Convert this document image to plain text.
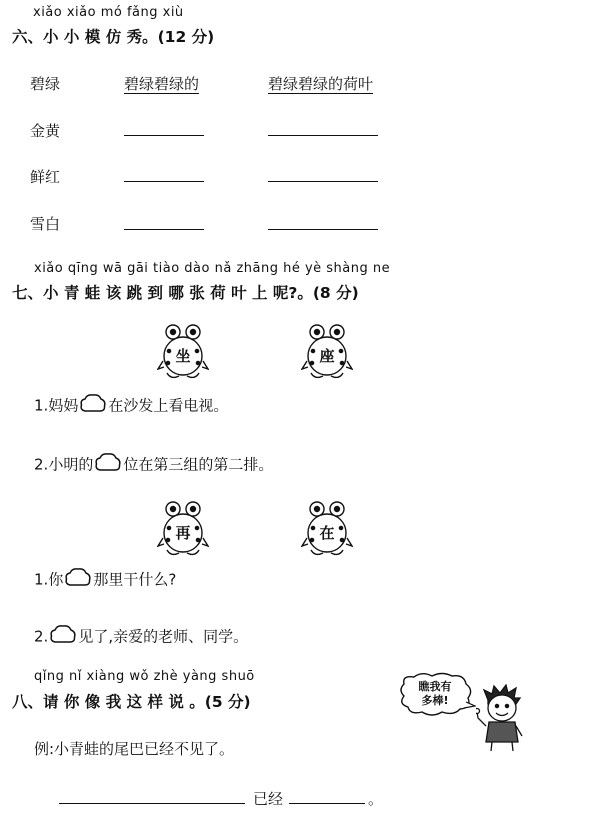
xiǎo xiǎo mó fǎng xiù
六、小 小 模 仿 秀。(12 分)
碧绿	碧绿碧绿的	碧绿碧绿的荷叶
金黄
鲜红
雪白
xiǎo qīng wā gāi tiào dào nǎ zhāng hé yè shàng ne
七、小 青 蛙 该 跳 到 哪 张 荷 叶 上 呢?。(8 分)
坐	座
1.妈妈 在沙发上看电视。
2.小明的 位在第三组的第二排。
再	在
1.你 那里干什么?
2. 见了,亲爱的老师、同学。
qǐng nǐ xiàng wǒ zhè yàng shuō
八、请 你 像 我 这 样 说 。(5 分)
瞧我有
多棒!
例:小青蛙的尾巴已经不见了。
已经	。
